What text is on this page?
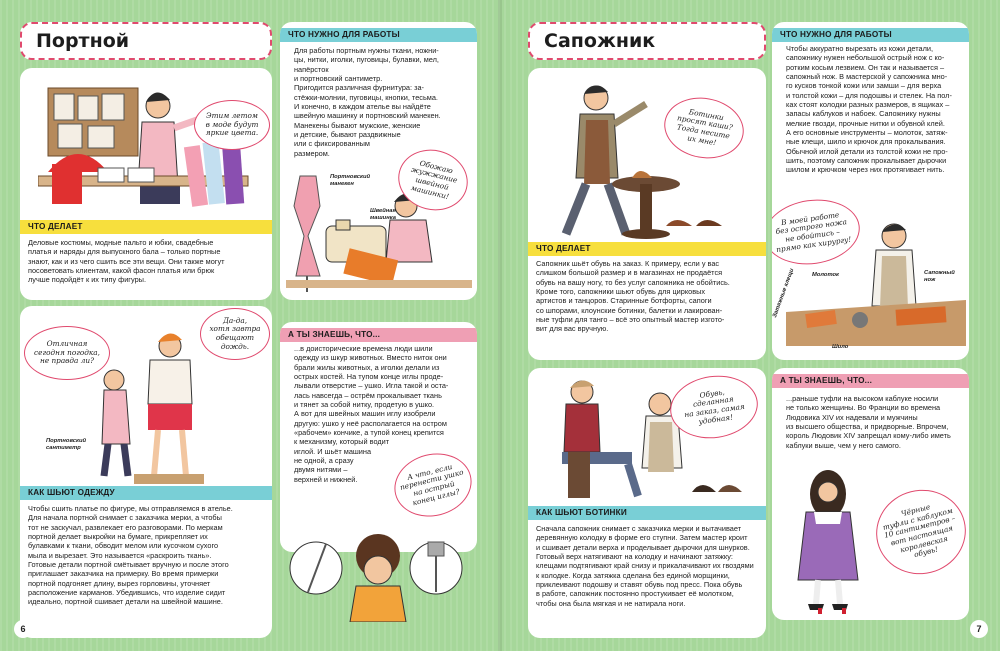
Портной
Этим летом
в моде будут
яркие цвета.
ЧТО ДЕЛАЕТ
Деловые костюмы, модные пальто и юбки, свадебные
платья и наряды для выпускного бала – только портные
знают, как и из чего сшить все эти вещи. Они также могут
посоветовать клиентам, какой фасон платья или брюк
лучше подойдёт к их типу фигуры.
ЧТО НУЖНО ДЛЯ РАБОТЫ
Для работы портным нужны ткани, ножни-
цы, нитки, иголки, пуговицы, булавки, мел, напёрсток
и портновский сантиметр.
Пригодится различная фурнитура: за-
стёжки-молнии, пуговицы, кнопки, тесьма.
И конечно, в каждом ателье вы найдёте
швейную машинку и портновский манекен.
Манекены бывают мужские, женские
и детские, бывают раздвижные
или с фиксированным
размером.
Обожаю
жужжание
швейной
машинки!
Портновский
манекен
Швейная
машинка
Отличная
сегодня погодка,
не правда ли?
Да-да,
хотя завтра
обещают дождь.
Портновский
сантиметр
КАК ШЬЮТ ОДЕЖДУ
Чтобы сшить платье по фигуре, мы отправляемся в ателье.
Для начала портной снимает с заказчика мерки, а чтобы
тот не заскучал, развлекает его разговорами. По меркам
портной делает выкройки на бумаге, прикрепляет их
булавками к ткани, обводит мелом или кусочком сухого
мыла и вырезает. Это называется «раскроить ткань».
Готовые детали портной смётывает вручную и после этого
приглашает заказчика на примерку. Во время примерки
портной подгоняет длину, вырез горловины, уточняет
расположение карманов. Убедившись, что изделие сидит
идеально, портной сшивает детали на швейной машине.
А ТЫ ЗНАЕШЬ, ЧТО...
...в доисторические времена люди шили
одежду из шкур животных. Вместо ниток они
брали жилы животных, а иголки делали из
острых костей. На тупом конце иглы проде-
лывали отверстие – ушко. Игла такой и оста-
лась навсегда – острём прокалывает ткань
и тянет за собой нитку, продетую в ушко.
А вот для швейных машин иглу изобрели
другую: ушко у неё располагается на остром
«рабочем» кончике, а тупой конец крепится
к механизму, который водит
иглой. И шьёт машина
не одной, а сразу
двумя нитями –
верхней и нижней.	А что, если
перенести ушко
на острый
конец иглы?
6
Сапожник
Ботинки
просят каши?
Тогда несите
их мне!
ЧТО ДЕЛАЕТ
Сапожник шьёт обувь на заказ. К примеру, если у вас
слишком большой размер и в магазинах не продаётся
обувь на вашу ногу, то без услуг сапожника не обойтись.
Кроме того, сапожники шьют обувь для цирковых
артистов и танцоров. Старинные ботфорты, сапоги
со шпорами, клоунские ботинки, балетки и лакирован-
ные туфли для танго – всё это опытный мастер изгото-
вит для вас вручную.
ЧТО НУЖНО ДЛЯ РАБОТЫ
Чтобы аккуратно вырезать из кожи детали,
сапожнику нужен небольшой острый нож с ко-
ротким косым лезвием. Он так и называется –
сапожный нож. В мастерской у сапожника мно-
го кусков тонкой кожи или замши – для верха
и толстой кожи – для подошвы и стелек. На пол-
ках стоят колодки разных размеров, в ящиках –
запасы каблуков и набоек. Сапожнику нужны
мелкие гвозди, прочные нитки и обувной клей.
А его основные инструменты – молоток, затяж-
ные клещи, шило и крючок для прокалывания.
Обычной иглой детали из толстой кожи не про-
шить, поэтому сапожник прокалывает дырочки
шилом и крючком через них протягивает нить.
В моей работе
без острого ножа
не обойтись –
прямо как хирургу!
Затяжные клещи	Молоток	Сапожный
нож
Шило
Обувь,
сделанная
на заказ, самая
удобная!
КАК ШЬЮТ БОТИНКИ
Сначала сапожник снимает с заказчика мерки и вытачивает
деревянную колодку в форме его ступни. Затем мастер кроит
и сшивает детали верха и проделывает дырочки для шнурков.
Готовый верх натягивают на колодку и начинают затяжку:
клещами подтягивают край снизу и прикалачивают их гвоздями
к колодке. Когда затяжка сделана без единой морщинки,
приклеивают подошву и ставят обувь под пресс. Пока обувь
в работе, сапожник постоянно простукивает её молотком,
чтобы она была мягкая и не натирала ноги.
А ТЫ ЗНАЕШЬ, ЧТО...
...раньше туфли на высоком каблуке носили
не только женщины. Во Франции во времена
Людовика XIV их надевали и мужчины
из высшего общества, и придворные. Впрочем,
король Людовик XIV запрещал кому-либо иметь
каблуки выше, чем у него самого.
Чёрные
туфли с каблуком
10 сантиметров –
вот настоящая
королевская
обувь!
7
